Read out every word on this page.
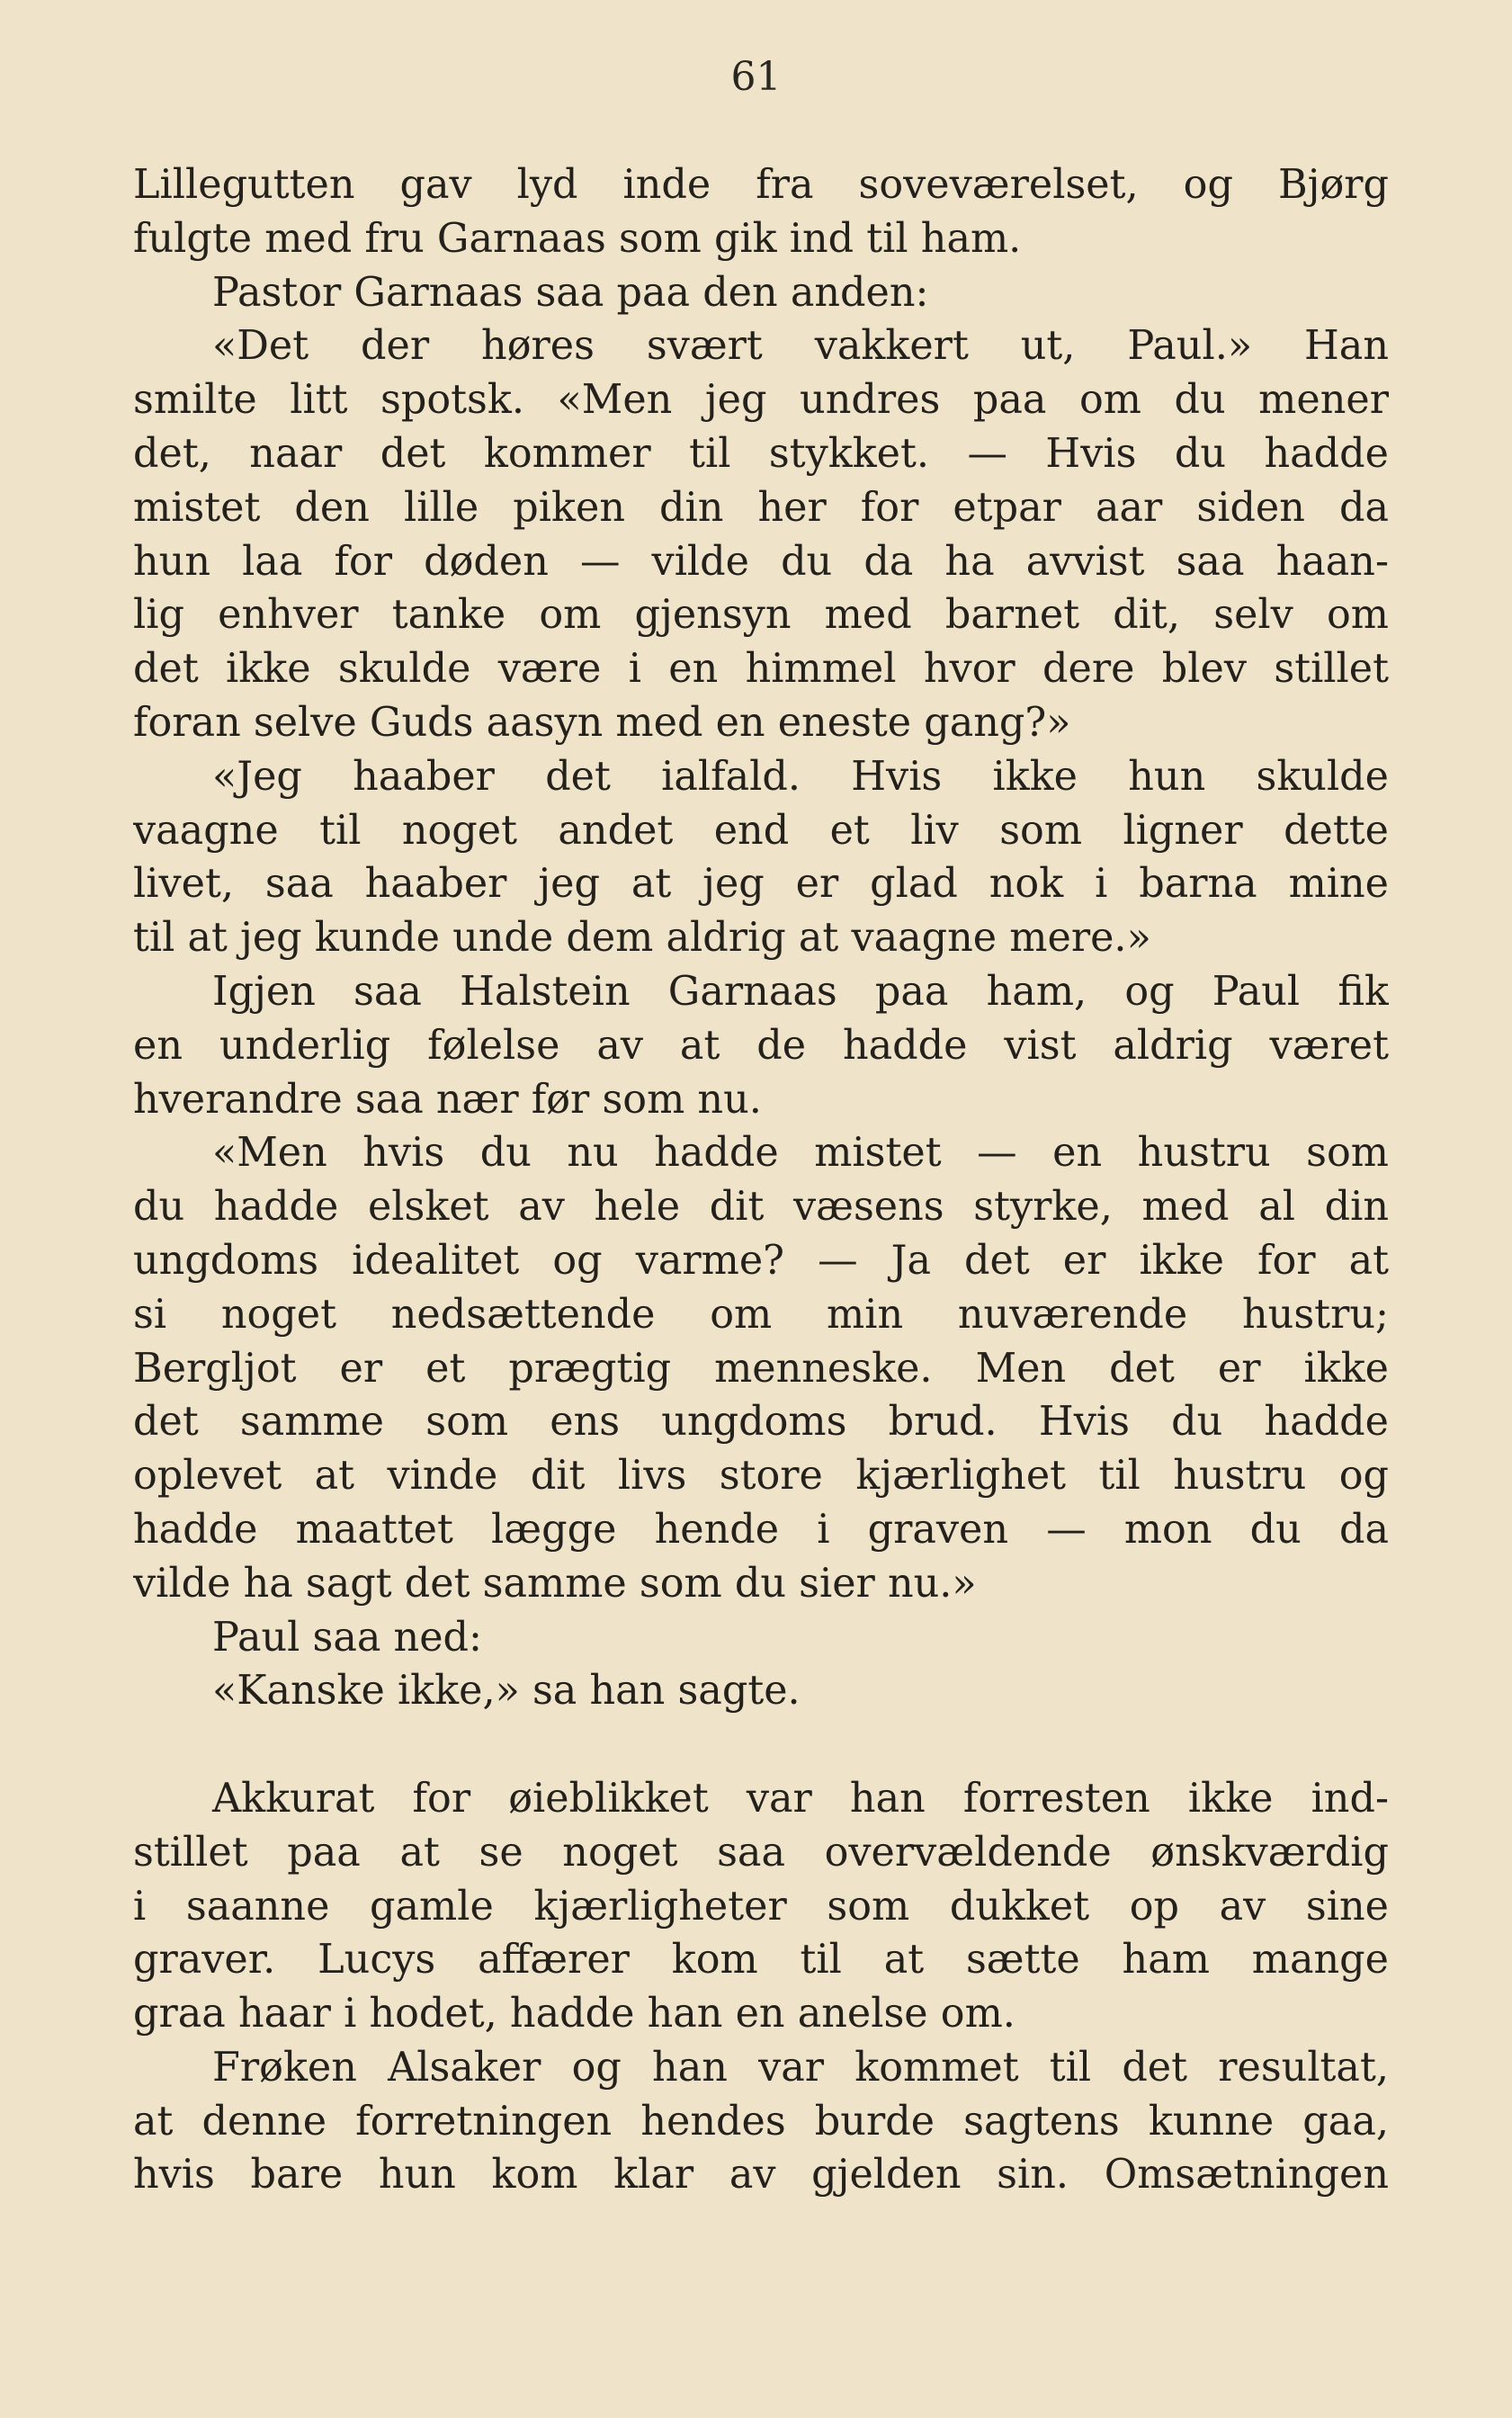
61
Lillegutten gav lyd inde fra soveværelset, og Bjørg
fulgte med fru Garnaas som gik ind til ham.
Pastor Garnaas saa paa den anden:
«Det der høres svært vakkert ut, Paul.» Han
smilte litt spotsk. «Men jeg undres paa om du mener
det, naar det kommer til stykket. — Hvis du hadde
mistet den lille piken din her for etpar aar siden da
hun laa for døden — vilde du da ha avvist saa haan-
lig enhver tanke om gjensyn med barnet dit, selv om
det ikke skulde være i en himmel hvor dere blev stillet
foran selve Guds aasyn med en eneste gang?»
«Jeg haaber det ialfald. Hvis ikke hun skulde
vaagne til noget andet end et liv som ligner dette
livet, saa haaber jeg at jeg er glad nok i barna mine
til at jeg kunde unde dem aldrig at vaagne mere.»
Igjen saa Halstein Garnaas paa ham, og Paul fik
en underlig følelse av at de hadde vist aldrig været
hverandre saa nær før som nu.
«Men hvis du nu hadde mistet — en hustru som
du hadde elsket av hele dit væsens styrke, med al din
ungdoms idealitet og varme? — Ja det er ikke for at
si noget nedsættende om min nuværende hustru;
Bergljot er et prægtig menneske. Men det er ikke
det samme som ens ungdoms brud. Hvis du hadde
oplevet at vinde dit livs store kjærlighet til hustru og
hadde maattet lægge hende i graven — mon du da
vilde ha sagt det samme som du sier nu.»
Paul saa ned:
«Kanske ikke,» sa han sagte.
Akkurat for øieblikket var han forresten ikke ind-
stillet paa at se noget saa overvældende ønskværdig
i saanne gamle kjærligheter som dukket op av sine
graver. Lucys affærer kom til at sætte ham mange
graa haar i hodet, hadde han en anelse om.
Frøken Alsaker og han var kommet til det resultat,
at denne forretningen hendes burde sagtens kunne gaa,
hvis bare hun kom klar av gjelden sin. Omsætningen
